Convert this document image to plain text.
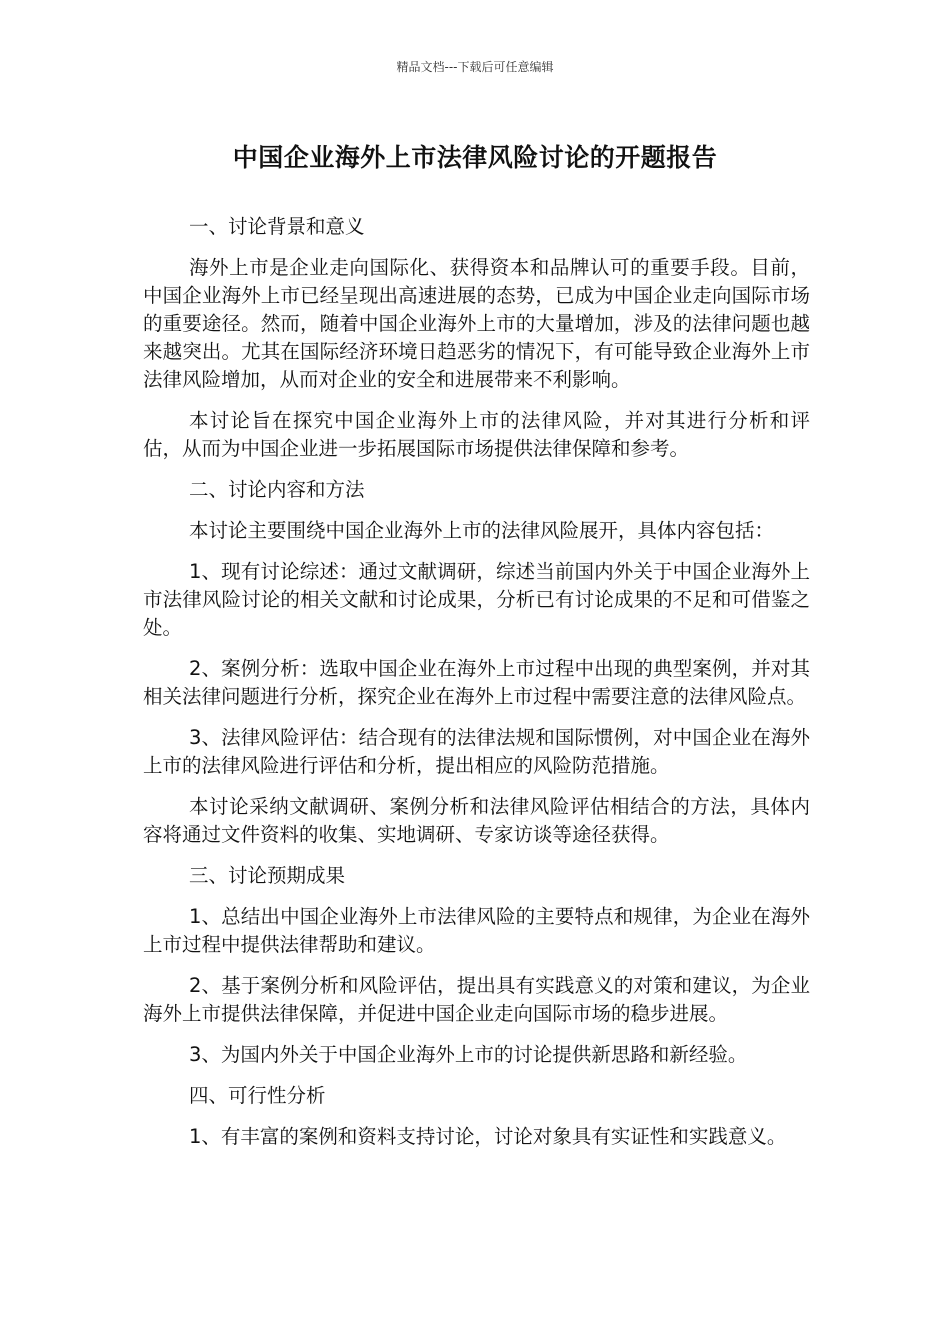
精品文档---下载后可任意编辑
中国企业海外上市法律风险讨论的开题报告

一、讨论背景和意义

海外上市是企业走向国际化、获得资本和品牌认可的重要手段。目前，中国企业海外上市已经呈现出高速进展的态势，已成为中国企业走向国际市场的重要途径。然而，随着中国企业海外上市的大量增加，涉及的法律问题也越来越突出。尤其在国际经济环境日趋恶劣的情况下，有可能导致企业海外上市法律风险增加，从而对企业的安全和进展带来不利影响。

本讨论旨在探究中国企业海外上市的法律风险，并对其进行分析和评估，从而为中国企业进一步拓展国际市场提供法律保障和参考。

二、讨论内容和方法

本讨论主要围绕中国企业海外上市的法律风险展开，具体内容包括：

1、现有讨论综述：通过文献调研，综述当前国内外关于中国企业海外上市法律风险讨论的相关文献和讨论成果，分析已有讨论成果的不足和可借鉴之处。

2、案例分析：选取中国企业在海外上市过程中出现的典型案例，并对其相关法律问题进行分析，探究企业在海外上市过程中需要注意的法律风险点。

3、法律风险评估：结合现有的法律法规和国际惯例，对中国企业在海外上市的法律风险进行评估和分析，提出相应的风险防范措施。

本讨论采纳文献调研、案例分析和法律风险评估相结合的方法，具体内容将通过文件资料的收集、实地调研、专家访谈等途径获得。

三、讨论预期成果

1、总结出中国企业海外上市法律风险的主要特点和规律，为企业在海外上市过程中提供法律帮助和建议。

2、基于案例分析和风险评估，提出具有实践意义的对策和建议，为企业海外上市提供法律保障，并促进中国企业走向国际市场的稳步进展。

3、为国内外关于中国企业海外上市的讨论提供新思路和新经验。

四、可行性分析

1、有丰富的案例和资料支持讨论，讨论对象具有实证性和实践意义。
